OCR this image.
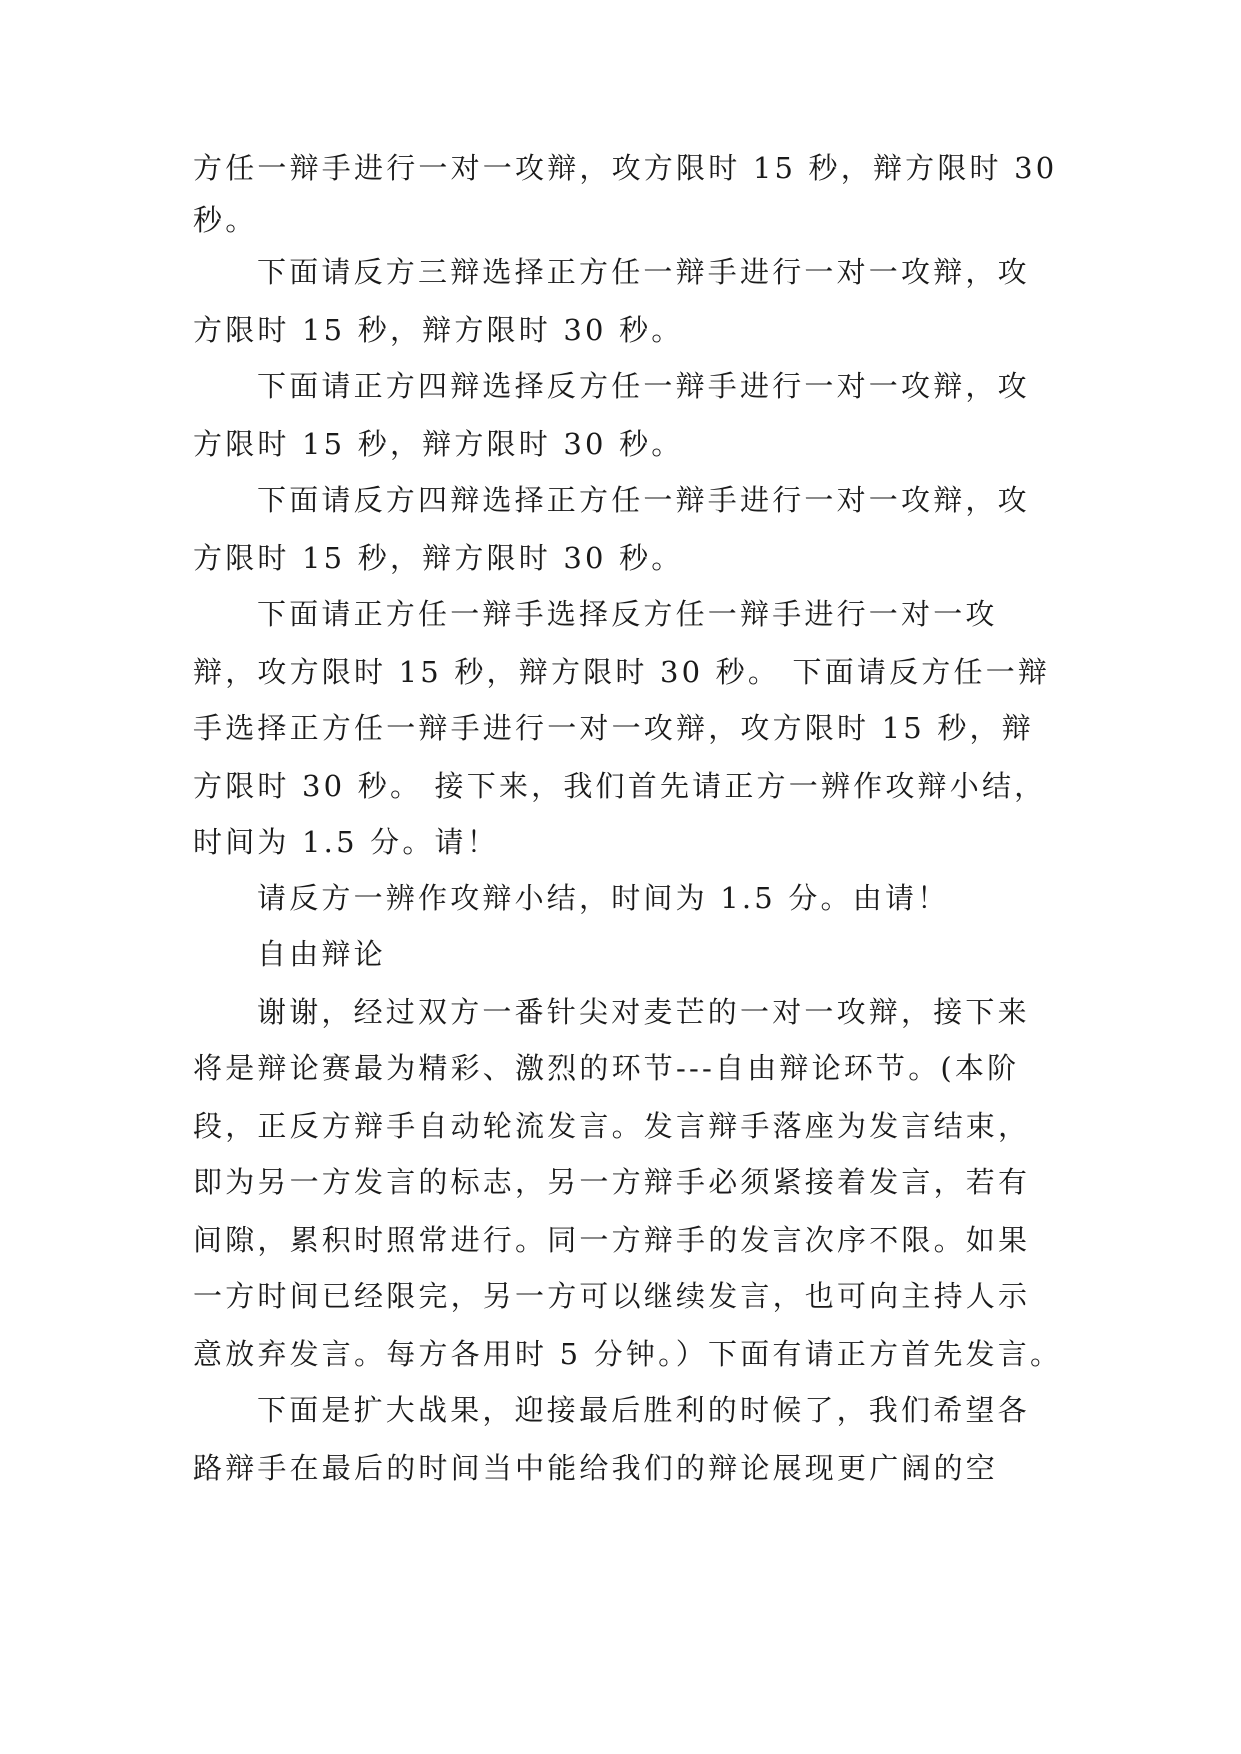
方任一辩手进行一对一攻辩，攻方限时 15 秒，辩方限时 30
秒。
下面请反方三辩选择正方任一辩手进行一对一攻辩，攻
方限时 15 秒，辩方限时 30 秒。
下面请正方四辩选择反方任一辩手进行一对一攻辩，攻
方限时 15 秒，辩方限时 30 秒。
下面请反方四辩选择正方任一辩手进行一对一攻辩，攻
方限时 15 秒，辩方限时 30 秒。
下面请正方任一辩手选择反方任一辩手进行一对一攻
辩，攻方限时 15 秒，辩方限时 30 秒。 下面请反方任一辩
手选择正方任一辩手进行一对一攻辩，攻方限时 15 秒，辩
方限时 30 秒。 接下来，我们首先请正方一辨作攻辩小结，
时间为 1.5 分。请！
请反方一辨作攻辩小结，时间为 1.5 分。由请！
自由辩论
谢谢，经过双方一番针尖对麦芒的一对一攻辩，接下来
将是辩论赛最为精彩、激烈的环节---自由辩论环节。(本阶
段，正反方辩手自动轮流发言。发言辩手落座为发言结束，
即为另一方发言的标志，另一方辩手必须紧接着发言，若有
间隙，累积时照常进行。同一方辩手的发言次序不限。如果
一方时间已经限完，另一方可以继续发言，也可向主持人示
意放弃发言。每方各用时 5 分钟。）下面有请正方首先发言。
下面是扩大战果，迎接最后胜利的时候了，我们希望各
路辩手在最后的时间当中能给我们的辩论展现更广阔的空
